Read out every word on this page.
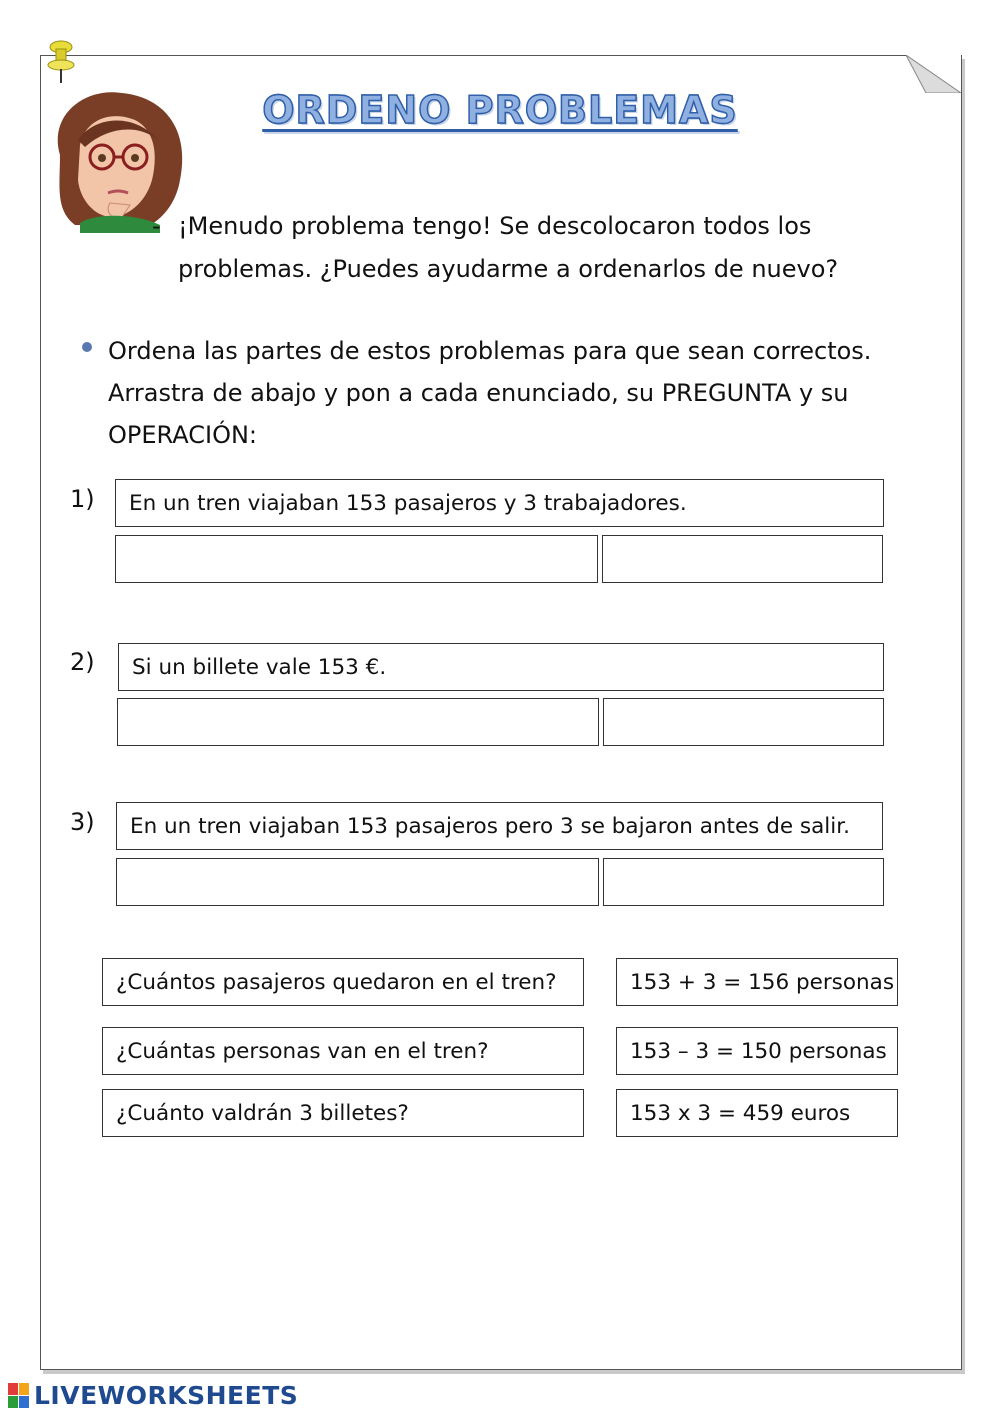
ORDENO PROBLEMAS
- ¡Menudo problema tengo! Se descolocaron todos los
problemas. ¿Puedes ayudarme a ordenarlos de nuevo?
Ordena las partes de estos problemas para que sean correctos.
Arrastra de abajo y pon a cada enunciado, su PREGUNTA y su
OPERACIÓN:
1)	En un tren viajaban 153 pasajeros y 3 trabajadores.
2)	Si un billete vale 153 €.
3)	En un tren viajaban 153 pasajeros pero 3 se bajaron antes de salir.
¿Cuántos pasajeros quedaron en el tren?
¿Cuántas personas van en el tren?
¿Cuánto valdrán 3 billetes?
153 + 3 = 156 personas
153 – 3 = 150 personas
153 x 3 = 459 euros
LIVEWORKSHEETS
